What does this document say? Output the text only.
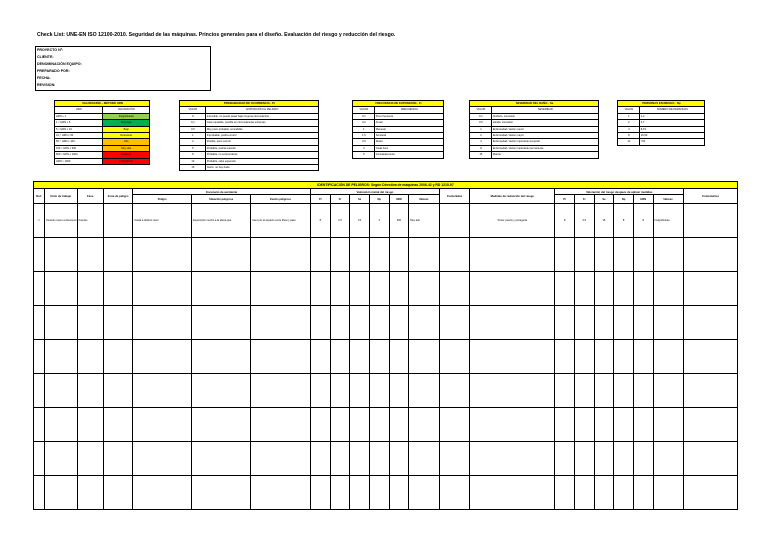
Check List: UNE-EN ISO 12100-2010. Seguridad de las máquinas. Princios generales para el diseño. Evaluación del riesgo y reducción del riesgo.
PROYECTO Nº:
CLIENTE:
DENOMINACIÓN EQUIPO:
PREPARADO POR:
FECHA:
REVISION:
VALORACIÓN – MÉTODO HRN	
HRN	VALORACIÓN
HRN ≤ 1	Insignificante
1 < HRN ≤ 5	Muy bajo
5 < HRN ≤ 10	Bajo
10 < HRN ≤ 50	Relevante
50 < HRN ≤ 100	Alto
100 < HRN ≤ 500	Muy alto
500 < HRN ≤ 1000	Extremo
HRN > 1000	Inaceptable
PROBABILIDAD DE OCURRENCIA - Pr	
VALOR	EXPOSICIÓN AL PELIGRO
0	Imposible, no puede pasar bajo ninguna circunstancia
0.1	Casi imposible, posible en circunstancias extremas
0.5	Muy poco probable, concebible
1	Improbable, podría ocurrir
2	Posible, poco común
5	Probable, podría suceder
8	Probable, no sorprendente
10	Probable, cabe esperarlo
15	Cierto, no hay duda
FRECUENCIA DE EXPOSICIÓN - Fr	
VALOR	FRECUENCIA
0.1	Poco frecuente
0.2	Anual
1	Mensual
1.5	Semanal
2.5	Diaria
4	Cada hora
5	Constantemente
SEVERIDAD DEL DAÑO - Se	
VALOR	SEVERIDAD
0.1	Arañazo, contusión
0.5	Herida, contusión
1	Enfermedad / lesión menor
2	Enfermedad / lesión mayor
4	Enfermedad / lesión importante temporal
8	Enfermedad / lesión importante permanente
15	Muerte
PERSONAS EN RIESGO - Np	
VALOR	NÚMERO DE PERSONAS
1	1-2
2	3-7
4	8-15
8	16-50
12	>50
IDENTIFICACIÓN DE PELIGROS: Según Directiva de máquinas 2006-42 y RD 1215-97																					
Ref.	Ciclo de trabajo	Fase	Zona de peligro	Escenario de accidente			Valoración inicial del riesgo						Contenidas	Medidas de reducción del riesgo	Valoración del riesgo después de aplicar medidas						Comentarios
				Peligro	Situación peligrosa	Evento peligroso	Pr	Fr	Se	Np	HRN	Valorac.			Pr	Fr	Se	Np	HRN	Valorac.	
1	Usuario nuevo a desconoc	Fuertes		Caída a distinto nivel	Exposición mucho a la altura que	Caer por el espacio entre Ruta y paso	8	2.5	15	4	300	Muy alto		Poner puerta y protegerla	8	2.5	15	8	8	Insignificante	
